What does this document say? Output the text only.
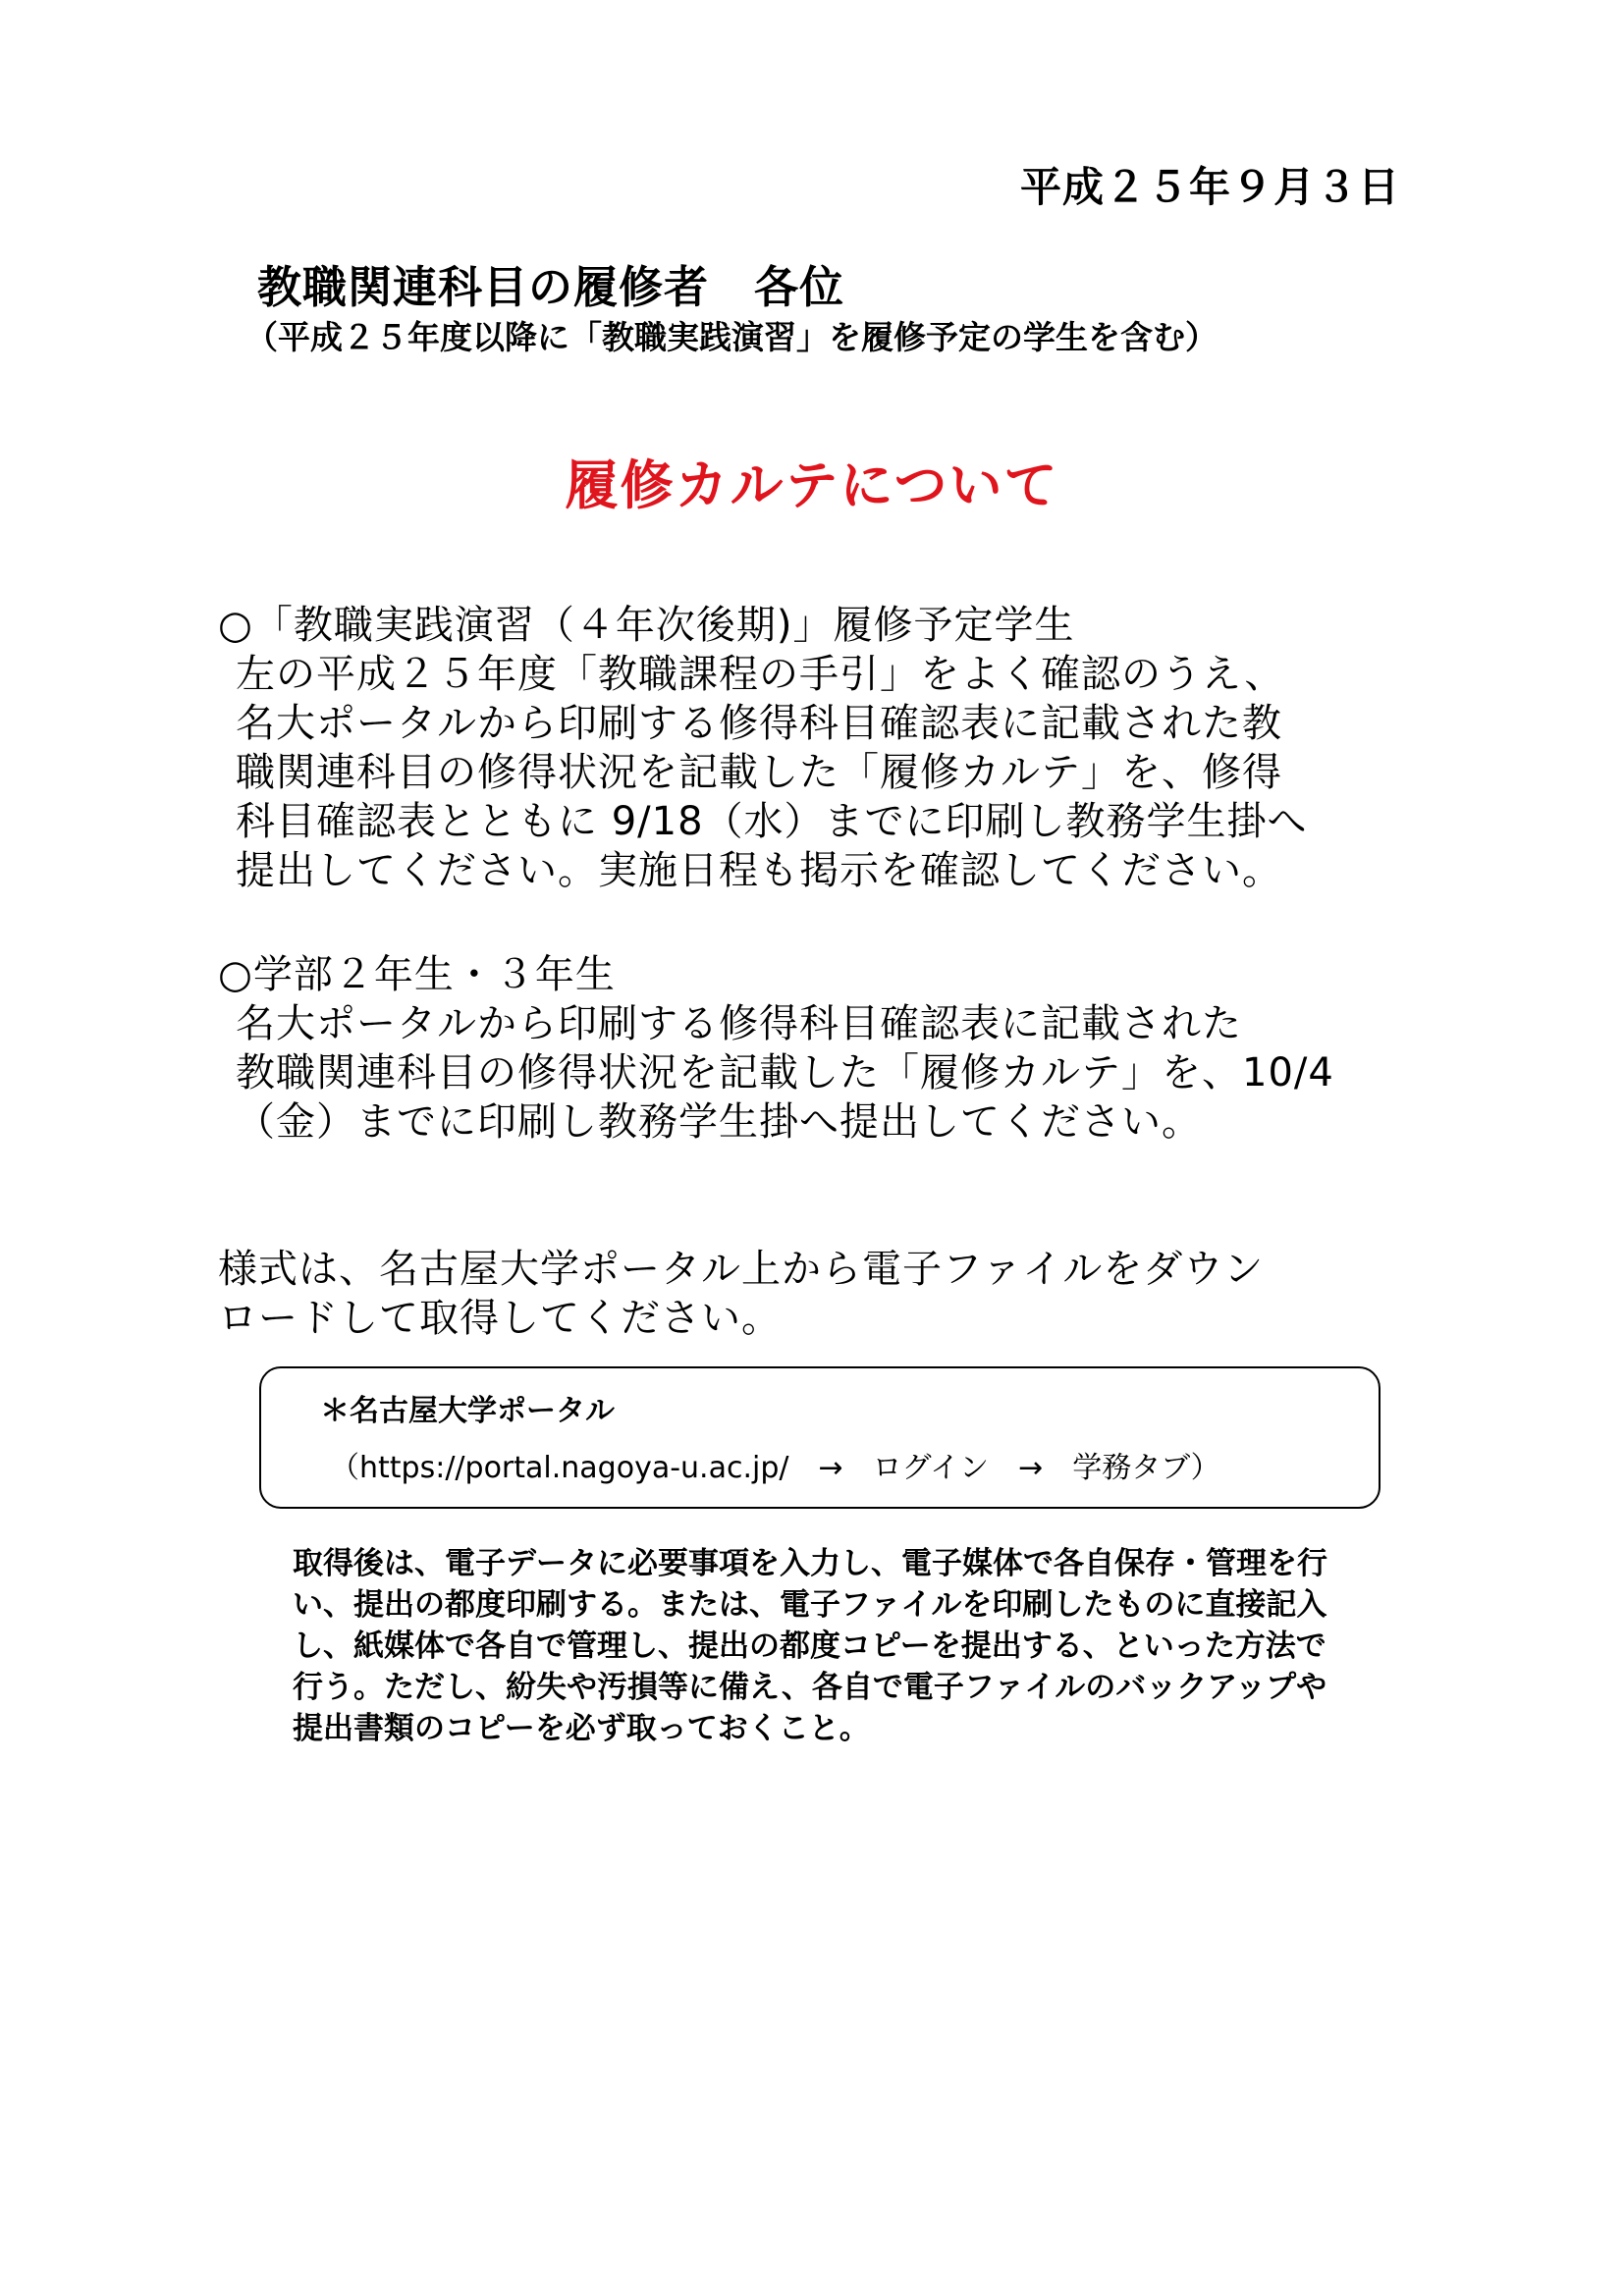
平成２５年９月３日

教職関連科目の履修者　各位

（平成２５年度以降に「教職実践演習」を履修予定の学生を含む）

履修カルテについて
○「教職実践演習（４年次後期)」履修予定学生

左の平成２５年度「教職課程の手引」をよく確認のうえ、
名大ポータルから印刷する修得科目確認表に記載された教
職関連科目の修得状況を記載した「履修カルテ」を、修得
科目確認表とともに 9/18（水）までに印刷し教務学生掛へ
提出してください。実施日程も掲示を確認してください。

○学部２年生・３年生

名大ポータルから印刷する修得科目確認表に記載された
教職関連科目の修得状況を記載した「履修カルテ」を、10/4
（金）までに印刷し教務学生掛へ提出してください。

様式は、名古屋大学ポータル上から電子ファイルをダウン
ロードして取得してください。
＊名古屋大学ポータル
（https://portal.nagoya-u.ac.jp/　→　ログイン　→　学務タブ）
取得後は、電子データに必要事項を入力し、電子媒体で各自保存・管理を行
い、提出の都度印刷する。または、電子ファイルを印刷したものに直接記入
し、紙媒体で各自で管理し、提出の都度コピーを提出する、といった方法で
行う。ただし、紛失や汚損等に備え、各自で電子ファイルのバックアップや
提出書類のコピーを必ず取っておくこと。
